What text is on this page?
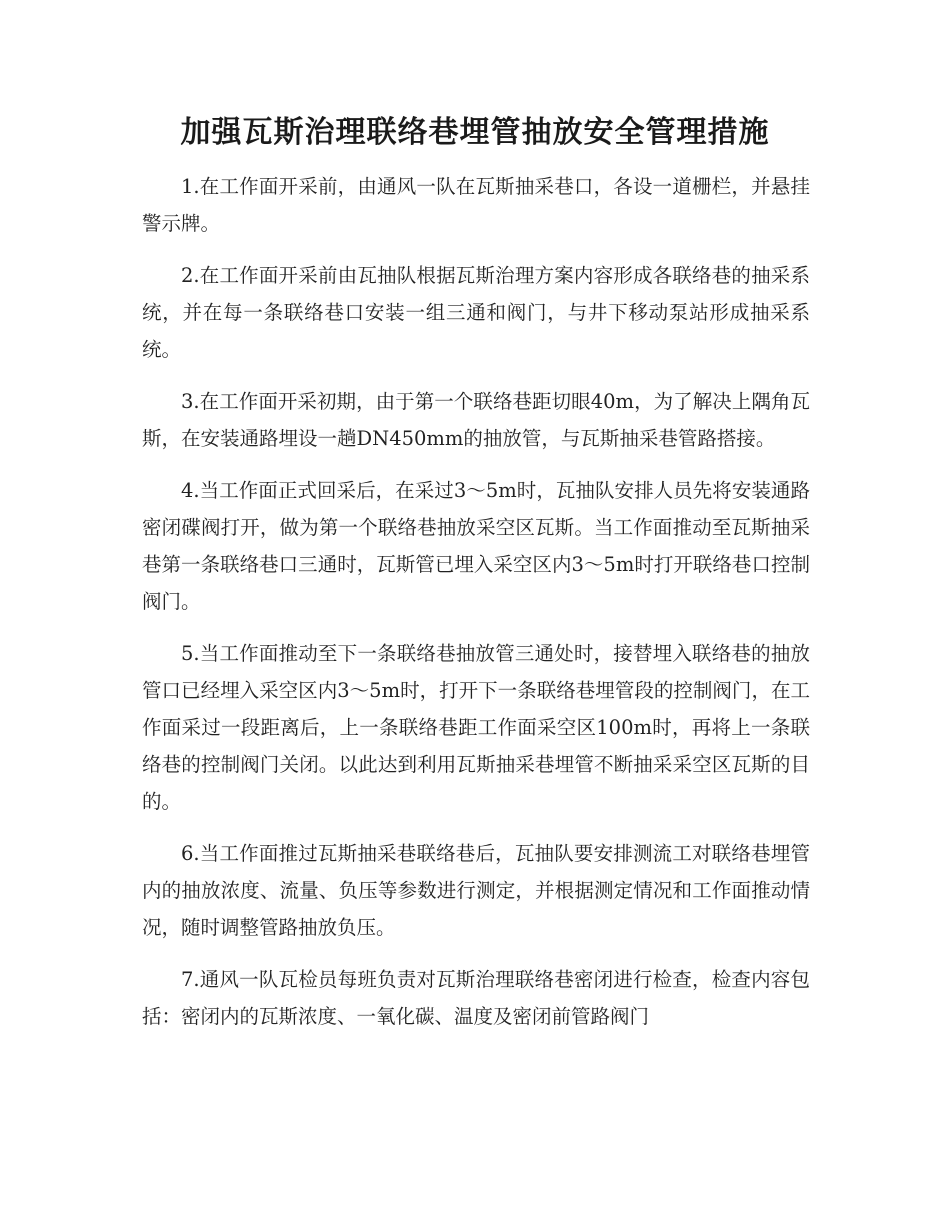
加强瓦斯治理联络巷埋管抽放安全管理措施

1.在工作面开采前，由通风一队在瓦斯抽采巷口，各设一道栅栏，并悬挂警示牌。

2.在工作面开采前由瓦抽队根据瓦斯治理方案内容形成各联络巷的抽采系统，并在每一条联络巷口安装一组三通和阀门，与井下移动泵站形成抽采系统。

3.在工作面开采初期，由于第一个联络巷距切眼40m，为了解决上隅角瓦斯，在安装通路埋设一趟DN450mm的抽放管，与瓦斯抽采巷管路搭接。

4.当工作面正式回采后，在采过3～5m时，瓦抽队安排人员先将安装通路密闭碟阀打开，做为第一个联络巷抽放采空区瓦斯。当工作面推动至瓦斯抽采巷第一条联络巷口三通时，瓦斯管已埋入采空区内3～5m时打开联络巷口控制阀门。

5.当工作面推动至下一条联络巷抽放管三通处时，接替埋入联络巷的抽放管口已经埋入采空区内3～5m时，打开下一条联络巷埋管段的控制阀门，在工作面采过一段距离后，上一条联络巷距工作面采空区100m时，再将上一条联络巷的控制阀门关闭。以此达到利用瓦斯抽采巷埋管不断抽采采空区瓦斯的目的。

6.当工作面推过瓦斯抽采巷联络巷后，瓦抽队要安排测流工对联络巷埋管内的抽放浓度、流量、负压等参数进行测定，并根据测定情况和工作面推动情况，随时调整管路抽放负压。

7.通风一队瓦检员每班负责对瓦斯治理联络巷密闭进行检查，检查内容包括：密闭内的瓦斯浓度、一氧化碳、温度及密闭前管路阀门
